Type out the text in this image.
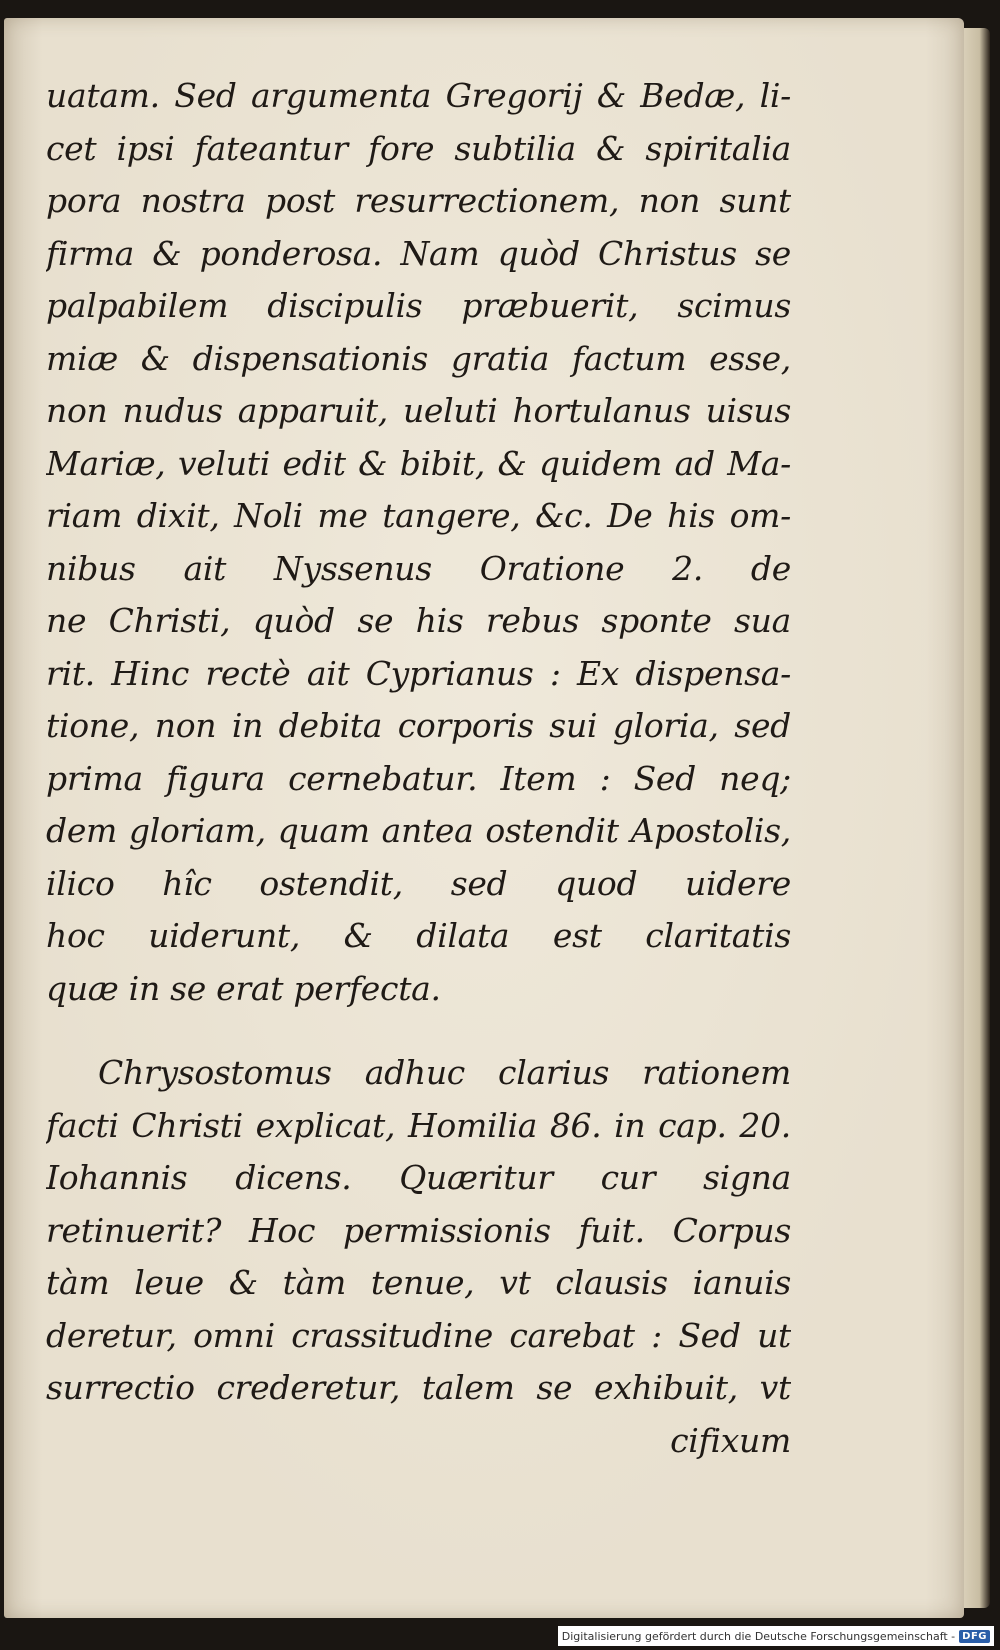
uatam. Sed argumenta Gregorij & Bedæ, li-
cet ipsi fateantur fore subtilia & spiritalia
pora nostra post resurrectionem, non sunt
firma & ponderosa. Nam quòd Christus se
palpabilem discipulis præbuerit, scimus
miæ & dispensationis gratia factum esse,
non nudus apparuit, ueluti hortulanus uisus
Mariæ, veluti edit & bibit, & quidem ad Ma-
riam dixit, Noli me tangere, &c. De his om-
nibus ait Nyssenus Oratione 2. de
ne Christi, quòd se his rebus sponte sua
rit. Hinc rectè ait Cyprianus : Ex dispensa-
tione, non in debita corporis sui gloria, sed
prima figura cernebatur. Item : Sed neq;
dem gloriam, quam antea ostendit Apostolis,
ilico hîc ostendit, sed quod uidere
hoc uiderunt, & dilata est claritatis
quæ in se erat perfecta.
Chrysostomus adhuc clarius rationem
facti Christi explicat, Homilia 86. in cap. 20.
Iohannis dicens. Quæritur cur signa
retinuerit? Hoc permissionis fuit. Corpus
tàm leue & tàm tenue, vt clausis ianuis
deretur, omni crassitudine carebat : Sed ut
surrectio crederetur, talem se exhibuit, vt
cifixum
Digitalisierung gefördert durch die Deutsche Forschungsgemeinschaft - DFG
